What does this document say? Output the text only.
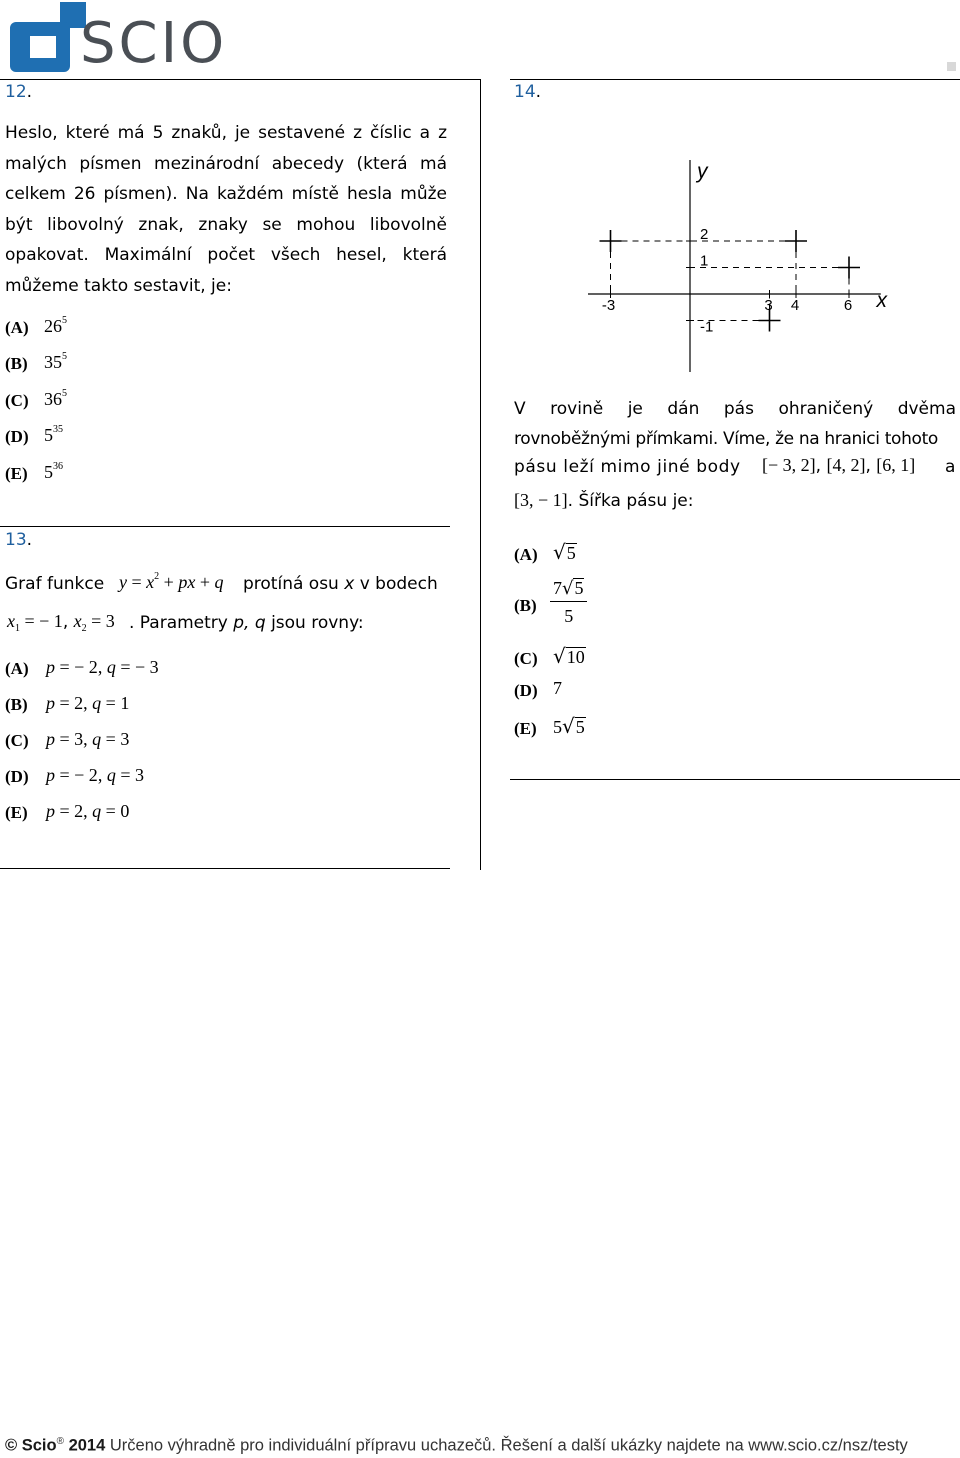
SCIO
12.
Heslo, které má 5 znaků, je sestavené z číslic a z malých písmen mezinárodní abecedy (která má celkem 26 písmen). Na každém místě hesla může být libovolný znak, znaky se mohou libovolně opakovat. Maximální počet všech hesel, která můžeme takto sestavit, je:
(A) $26^5$
(B) $35^5$
(C) $36^5$
(D) $5^{35}$
(E) $5^{36}$
13.
Graf funkce $y = x^2$ + px + q protíná osu x v bodech
$x_1$ = − 1, $x_2 = 3$ . Parametry p, q jsou rovny:
(A) p = − 2, q = − 3
(B) p = 2, q = 1
(C) p = 3, q = 3
(D) p = − 2, q = 3
(E) p = 2, q = 0
14.
-3	3 4	6
2
1
-1
y
x
V rovině je dán pás ohraničený dvěma
rovnoběžnými přímkami. Víme, že na hranici tohoto
pásu leží mimo jiné body [− 3, 2], [4, 2], [6, 1] a
[3, − 1]. Šířka pásu je:
(A) √5
$(B) \frac{7√5}{5}$
(C) √10
(D) 7
(E) 5√5
© Scio® 2014 Určeno výhradně pro individuální přípravu uchazečů. Řešení a další ukázky najdete na www.scio.cz/nsz/testy
